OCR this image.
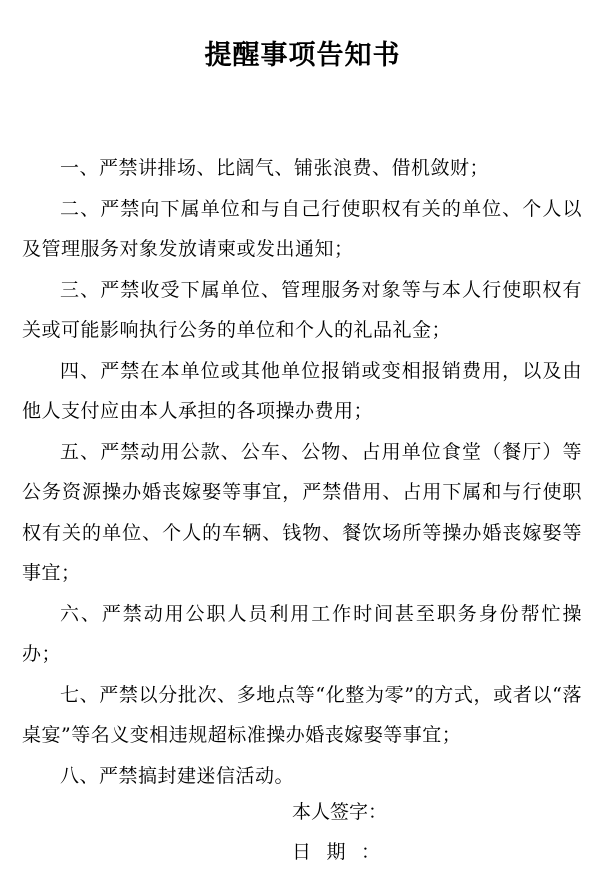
提醒事项告知书

一、严禁讲排场、比阔气、铺张浪费、借机敛财；

二、严禁向下属单位和与自己行使职权有关的单位、个人以及管理服务对象发放请柬或发出通知；

三、严禁收受下属单位、管理服务对象等与本人行使职权有关或可能影响执行公务的单位和个人的礼品礼金；

四、严禁在本单位或其他单位报销或变相报销费用，以及由他人支付应由本人承担的各项操办费用；

五、严禁动用公款、公车、公物、占用单位食堂（餐厅）等公务资源操办婚丧嫁娶等事宜，严禁借用、占用下属和与行使职权有关的单位、个人的车辆、钱物、餐饮场所等操办婚丧嫁娶等事宜；

六、严禁动用公职人员利用工作时间甚至职务身份帮忙操办；

七、严禁以分批次、多地点等“化整为零”的方式，或者以“落桌宴”等名义变相违规超标准操办婚丧嫁娶等事宜；

八、严禁搞封建迷信活动。

本人签字：
日期：
